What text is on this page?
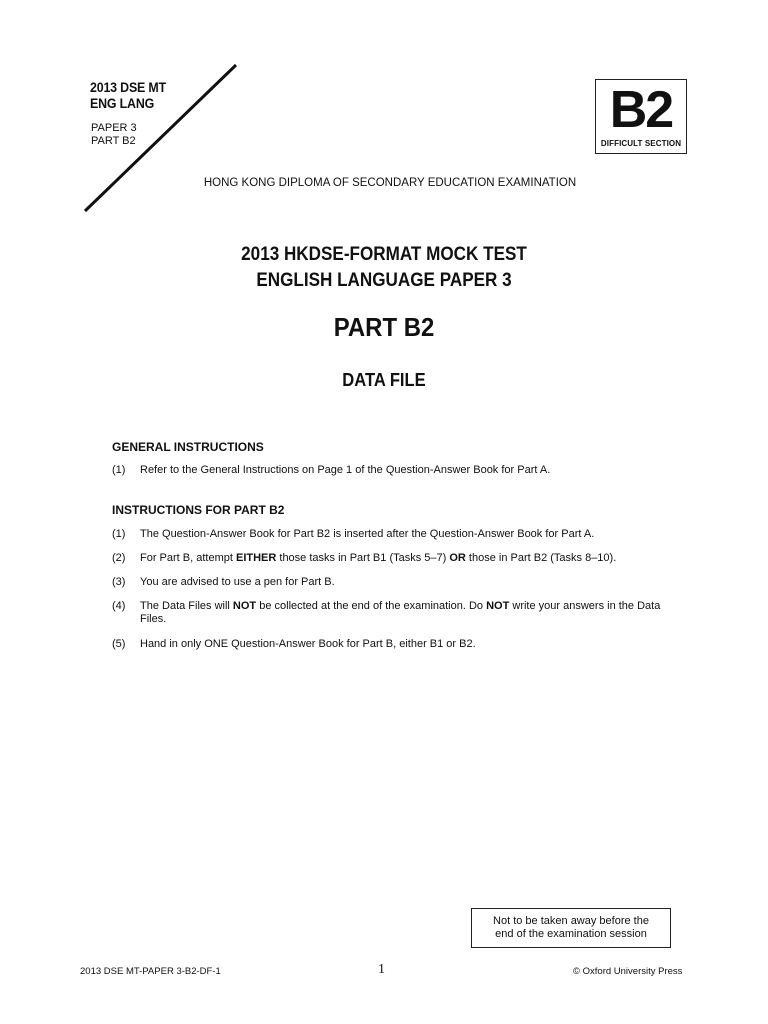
2013 DSE MT
ENG LANG
PAPER 3
PART B2
B2
DIFFICULT SECTION
HONG KONG DIPLOMA OF SECONDARY EDUCATION EXAMINATION
2013 HKDSE-FORMAT MOCK TEST
ENGLISH LANGUAGE PAPER 3
PART B2
DATA FILE
GENERAL INSTRUCTIONS
(1) Refer to the General Instructions on Page 1 of the Question-Answer Book for Part A.
INSTRUCTIONS FOR PART B2
(1) The Question-Answer Book for Part B2 is inserted after the Question-Answer Book for Part A.
(2) For Part B, attempt EITHER those tasks in Part B1 (Tasks 5–7) OR those in Part B2 (Tasks 8–10).
(3) You are advised to use a pen for Part B.
(4) The Data Files will NOT be collected at the end of the examination. Do NOT write your answers in the Data Files.
(5) Hand in only ONE Question-Answer Book for Part B, either B1 or B2.
Not to be taken away before the
end of the examination session
2013 DSE MT-PAPER 3-B2-DF-1	1	© Oxford University Press
